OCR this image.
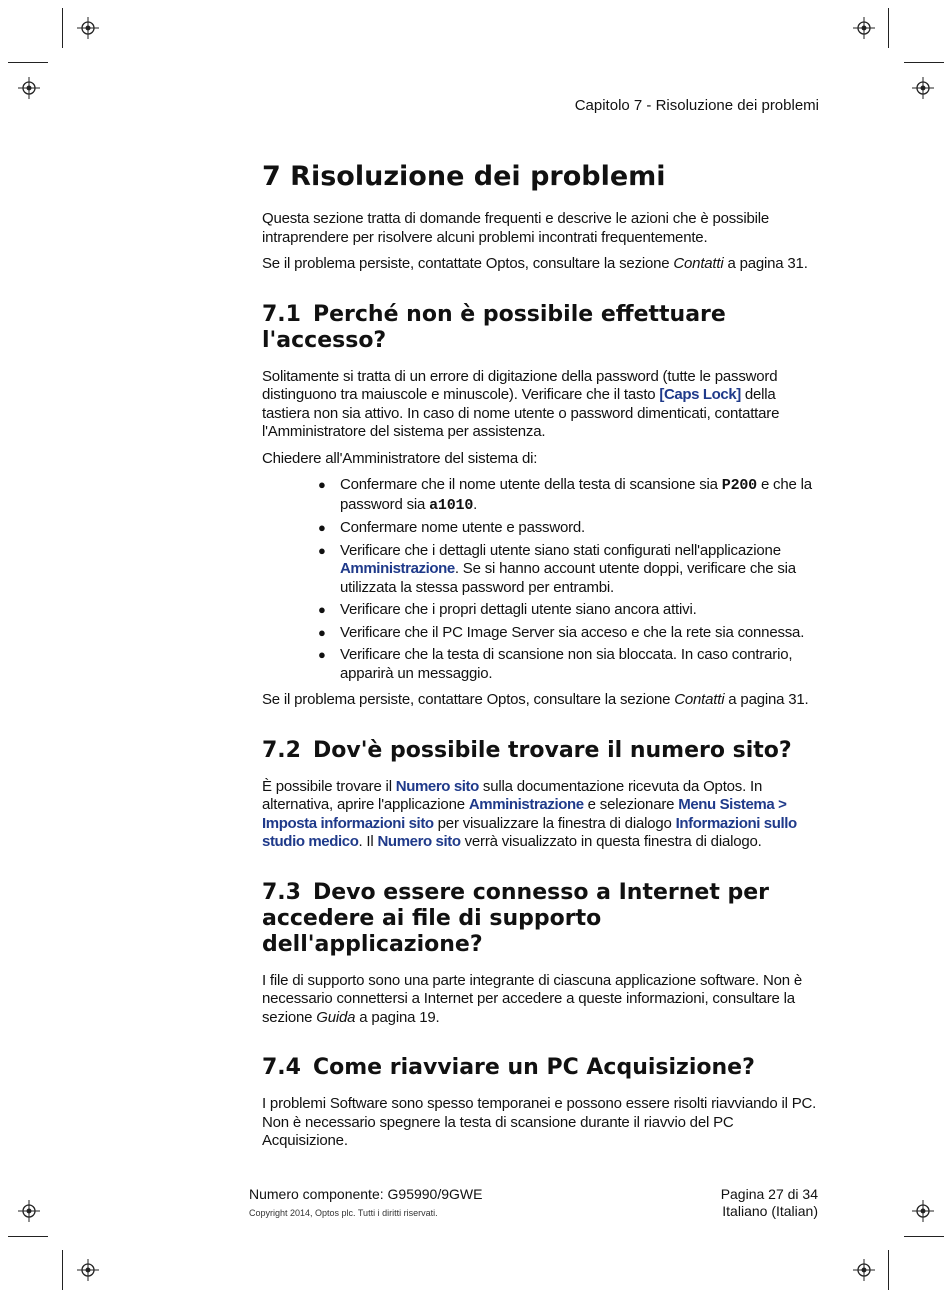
Capitolo 7 - Risoluzione dei problemi
7 Risoluzione dei problemi

Questa sezione tratta di domande frequenti e descrive le azioni che è possibile intraprendere per risolvere alcuni problemi incontrati frequentemente.

Se il problema persiste, contattate Optos, consultare la sezione Contatti a pagina 31.

7.1 Perché non è possibile effettuare l'accesso?

Solitamente si tratta di un errore di digitazione della password (tutte le password distinguono tra maiuscole e minuscole). Verificare che il tasto [Caps Lock] della tastiera non sia attivo. In caso di nome utente o password dimenticati, contattare l'Amministratore del sistema per assistenza.

Chiedere all'Amministratore del sistema di:

● Confermare che il nome utente della testa di scansione sia P200 e che la password sia a1010.
● Confermare nome utente e password.
● Verificare che i dettagli utente siano stati configurati nell'applicazione Amministrazione. Se si hanno account utente doppi, verificare che sia utilizzata la stessa password per entrambi.
● Verificare che i propri dettagli utente siano ancora attivi.
● Verificare che il PC Image Server sia acceso e che la rete sia connessa.
● Verificare che la testa di scansione non sia bloccata. In caso contrario, apparirà un messaggio.

Se il problema persiste, contattare Optos, consultare la sezione Contatti a pagina 31.

7.2 Dov'è possibile trovare il numero sito?

È possibile trovare il Numero sito sulla documentazione ricevuta da Optos. In alternativa, aprire l'applicazione Amministrazione e selezionare Menu Sistema > Imposta informazioni sito per visualizzare la finestra di dialogo Informazioni sullo studio medico. Il Numero sito verrà visualizzato in questa finestra di dialogo.

7.3 Devo essere connesso a Internet per accedere ai file di supporto dell'applicazione?

I file di supporto sono una parte integrante di ciascuna applicazione software. Non è necessario connettersi a Internet per accedere a queste informazioni, consultare la sezione Guida a pagina 19.

7.4 Come riavviare un PC Acquisizione?

I problemi Software sono spesso temporanei e possono essere risolti riavviando il PC. Non è necessario spegnere la testa di scansione durante il riavvio del PC Acquisizione.

Numero componente: G95990/9GWE
Copyright 2014, Optos plc. Tutti i diritti riservati.
Pagina 27 di 34
Italiano (Italian)
